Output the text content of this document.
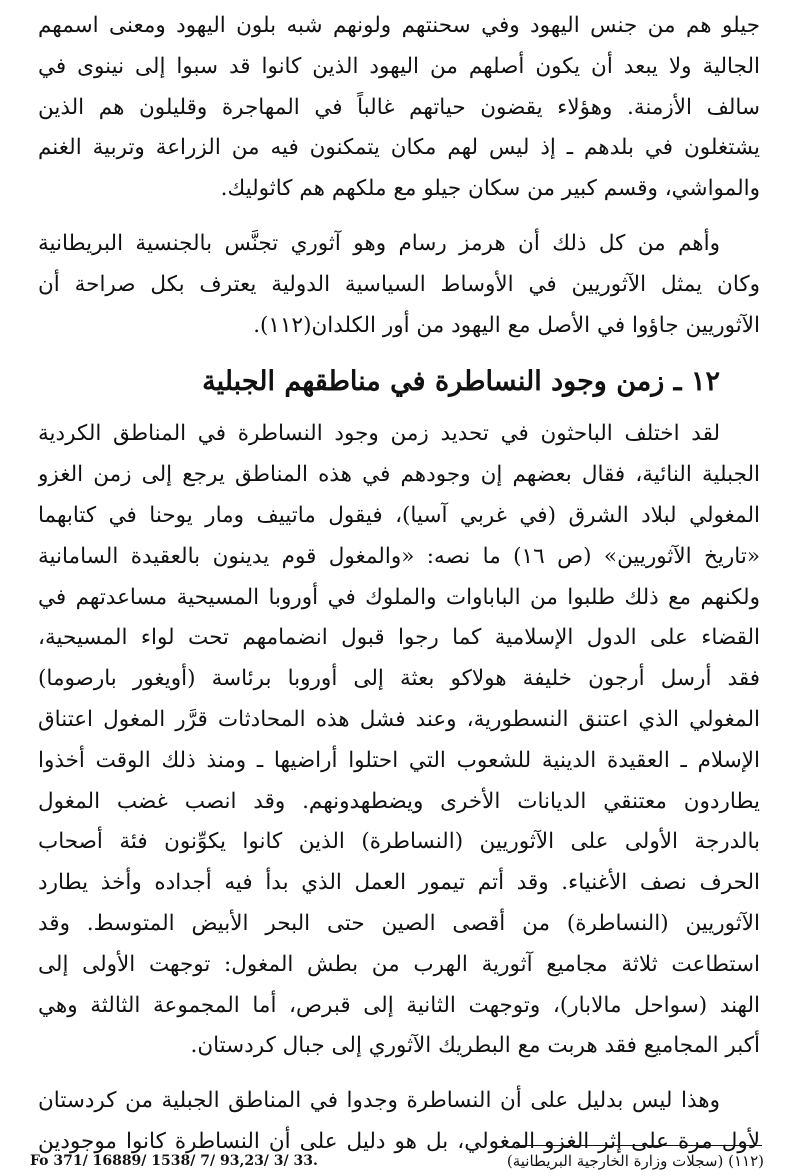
جيلو هم من جنس اليهود وفي سحنتهم ولونهم شبه بلون اليهود ومعنى اسمهم
الجالية ولا يبعد أن يكون أصلهم من اليهود الذين كانوا قد سبوا إلى نينوى في
سالف الأزمنة. وهؤلاء يقضون حياتهم غالباً في المهاجرة وقليلون هم الذين
يشتغلون في بلدهم ـ إذ ليس لهم مكان يتمكنون فيه من الزراعة وتربية الغنم
والمواشي، وقسم كبير من سكان جيلو مع ملكهم هم كاثوليك.
وأهم من كل ذلك أن هرمز رسام وهو آثوري تجنَّس بالجنسية البريطانية
وكان يمثل الآثوريين في الأوساط السياسية الدولية يعترف بكل صراحة أن
الآثوريين جاؤوا في الأصل مع اليهود من أور الكلدان(١١٢).
١٢ ـ زمن وجود النساطرة في مناطقهم الجبلية
لقد اختلف الباحثون في تحديد زمن وجود النساطرة في المناطق الكردية
الجبلية النائية، فقال بعضهم إن وجودهم في هذه المناطق يرجع إلى زمن الغزو
المغولي لبلاد الشرق (في غربي آسيا)، فيقول ماتييف ومار يوحنا في كتابهما
«تاريخ الآثوريين» (ص ١٦) ما نصه: «والمغول قوم يدينون بالعقيدة السامانية
ولكنهم مع ذلك طلبوا من الباباوات والملوك في أوروبا المسيحية مساعدتهم في
القضاء على الدول الإسلامية كما رجوا قبول انضمامهم تحت لواء المسيحية،
فقد أرسل أرجون خليفة هولاكو بعثة إلى أوروبا برئاسة (أويغور بارصوما)
المغولي الذي اعتنق النسطورية، وعند فشل هذه المحادثات قرَّر المغول اعتناق
الإسلام ـ العقيدة الدينية للشعوب التي احتلوا أراضيها ـ ومنذ ذلك الوقت أخذوا
يطاردون معتنقي الديانات الأخرى ويضطهدونهم. وقد انصب غضب المغول
بالدرجة الأولى على الآثوريين (النساطرة) الذين كانوا يكوِّنون فئة أصحاب
الحرف نصف الأغنياء. وقد أتم تيمور العمل الذي بدأ فيه أجداده وأخذ يطارد
الآثوريين (النساطرة) من أقصى الصين حتى البحر الأبيض المتوسط. وقد
استطاعت ثلاثة مجاميع آثورية الهرب من بطش المغول: توجهت الأولى إلى
الهند (سواحل مالابار)، وتوجهت الثانية إلى قبرص، أما المجموعة الثالثة وهي
أكبر المجاميع فقد هربت مع البطريك الآثوري إلى جبال كردستان.
وهذا ليس بدليل على أن النساطرة وجدوا في المناطق الجبلية من كردستان
لأول مرة على إثر الغزو المغولي، بل هو دليل على أن النساطرة كانوا موجودين
Fo 371/ 16889/ 1538/ 7/ 93,23/ 3/ 33.	(١١٢) (سجلات وزارة الخارجية البريطانية)
